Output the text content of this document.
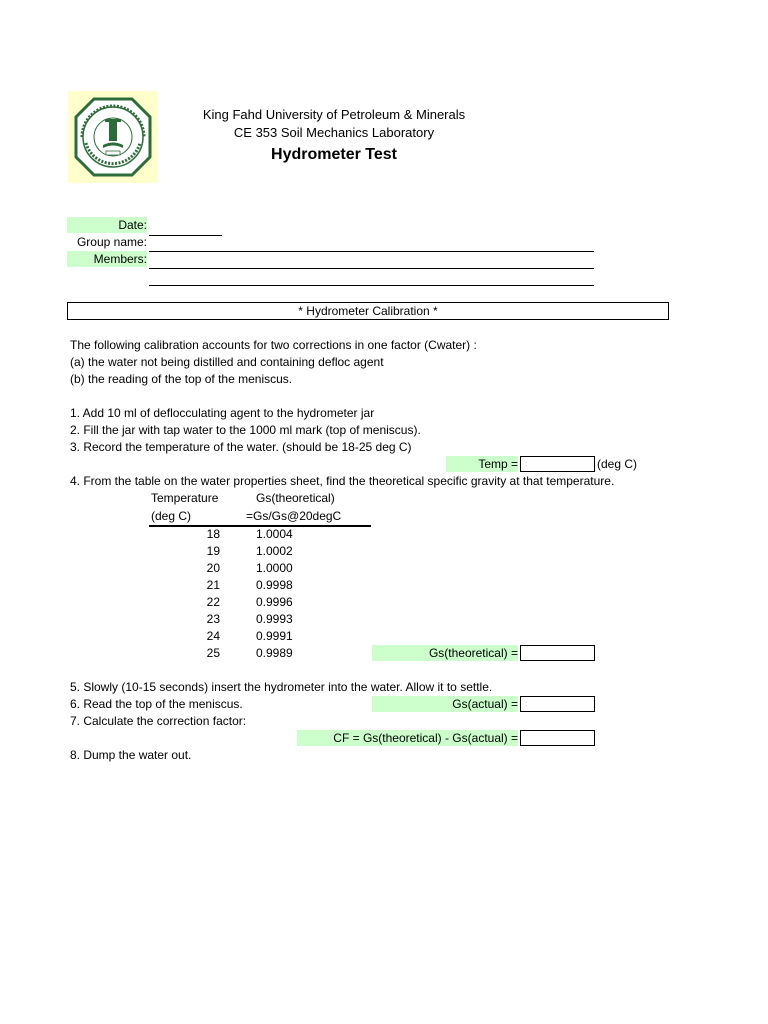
King Fahd University of Petroleum & Minerals
CE 353 Soil Mechanics Laboratory
Hydrometer Test
Date:
Group name:
Members:
* Hydrometer Calibration *
The following calibration accounts for two corrections in one factor (Cwater) :
(a) the water not being distilled and containing defloc agent
(b) the reading of the top of the meniscus.
1. Add 10 ml of deflocculating agent to the hydrometer jar
2. Fill the jar with tap water to the 1000 ml mark (top of meniscus).
3. Record the temperature of the water. (should be 18-25 deg C)
Temp =	(deg C)
4. From the table on the water properties sheet, find the theoretical specific gravity at that temperature.
Temperature	Gs(theoretical)
(deg C)	=Gs/Gs@20degC
18	1.0004
19	1.0002
20	1.0000
21	0.9998
22	0.9996
23	0.9993
24	0.9991
25	0.9989	Gs(theoretical) =
5. Slowly (10-15 seconds) insert the hydrometer into the water. Allow it to settle.
6. Read the top of the meniscus.	Gs(actual) =
7. Calculate the correction factor:
CF = Gs(theoretical) - Gs(actual) =
8. Dump the water out.
